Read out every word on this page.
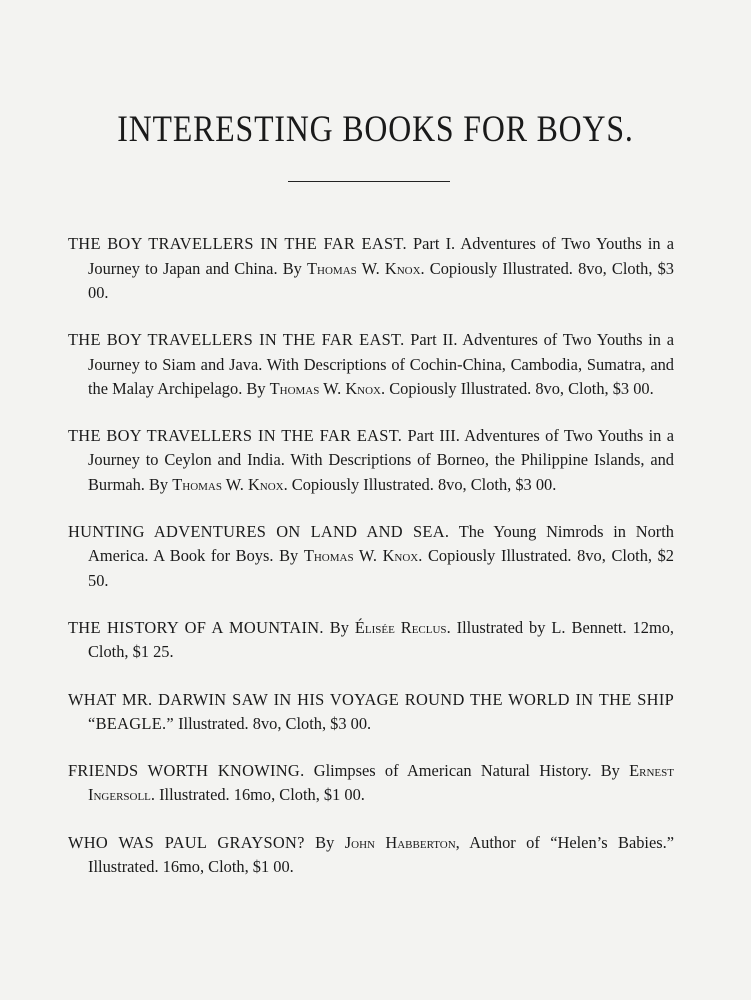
INTERESTING BOOKS FOR BOYS.

THE BOY TRAVELLERS IN THE FAR EAST. Part I. Adventures of Two Youths in a Journey to Japan and China. By Thomas W. Knox. Copiously Illustrated. 8vo, Cloth, $3 00.

THE BOY TRAVELLERS IN THE FAR EAST. Part II. Adventures of Two Youths in a Journey to Siam and Java. With Descriptions of Cochin-China, Cambodia, Sumatra, and the Malay Archipelago. By Thomas W. Knox. Copiously Illustrated. 8vo, Cloth, $3 00.

THE BOY TRAVELLERS IN THE FAR EAST. Part III. Adventures of Two Youths in a Journey to Ceylon and India. With Descriptions of Borneo, the Philippine Islands, and Burmah. By Thomas W. Knox. Copiously Illustrated. 8vo, Cloth, $3 00.

HUNTING ADVENTURES ON LAND AND SEA. The Young Nimrods in North America. A Book for Boys. By Thomas W. Knox. Copiously Illustrated. 8vo, Cloth, $2 50.

THE HISTORY OF A MOUNTAIN. By Élisée Reclus. Illustrated by L. Bennett. 12mo, Cloth, $1 25.

WHAT MR. DARWIN SAW IN HIS VOYAGE ROUND THE WORLD IN THE SHIP “BEAGLE.” Illustrated. 8vo, Cloth, $3 00.

FRIENDS WORTH KNOWING. Glimpses of American Natural History. By Ernest Ingersoll. Illustrated. 16mo, Cloth, $1 00.

WHO WAS PAUL GRAYSON? By John Habberton, Author of “Helen’s Babies.” Illustrated. 16mo, Cloth, $1 00.
